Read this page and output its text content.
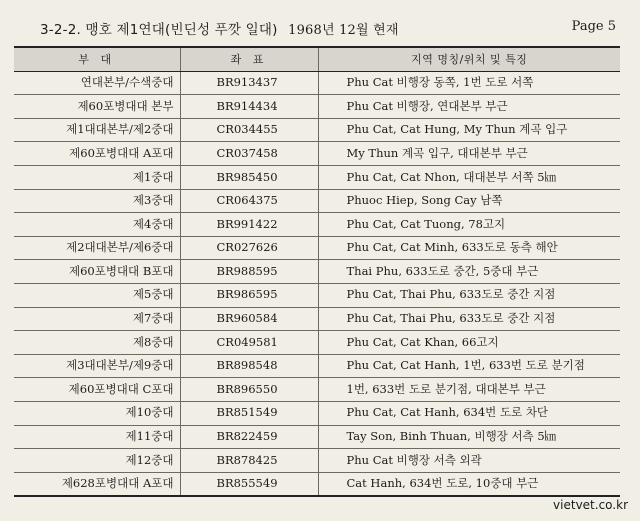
3-2-2. 맹호 제1연대(빈딘성 푸깟 일대) 1968년 12월 현재	Page 5
부 대	좌 표	지역 명칭/위치 및 특징
연대본부/수색중대	BR913437	Phu Cat 비행장 동쪽, 1번 도로 서쪽
제60포병대대 본부	BR914434	Phu Cat 비행장, 연대본부 부근
제1대대본부/제2중대	CR034455	Phu Cat, Cat Hung, My Thun 계곡 입구
제60포병대대 A포대	CR037458	My Thun 계곡 입구, 대대본부 부근
제1중대	BR985450	Phu Cat, Cat Nhon, 대대본부 서쪽 5㎞
제3중대	CR064375	Phuoc Hiep, Song Cay 남쪽
제4중대	BR991422	Phu Cat, Cat Tuong, 78고지
제2대대본부/제6중대	CR027626	Phu Cat, Cat Minh, 633도로 동측 해안
제60포병대대 B포대	BR988595	Thai Phu, 633도로 중간, 5중대 부근
제5중대	BR986595	Phu Cat, Thai Phu, 633도로 중간 지점
제7중대	BR960584	Phu Cat, Thai Phu, 633도로 중간 지점
제8중대	CR049581	Phu Cat, Cat Khan, 66고지
제3대대본부/제9중대	BR898548	Phu Cat, Cat Hanh, 1번, 633번 도로 분기점
제60포병대대 C포대	BR896550	1번, 633번 도로 분기점, 대대본부 부근
제10중대	BR851549	Phu Cat, Cat Hanh, 634번 도로 차단
제11중대	BR822459	Tay Son, Binh Thuan, 비행장 서측 5㎞
제12중대	BR878425	Phu Cat 비행장 서측 외곽
제628포병대대 A포대	BR855549	Cat Hanh, 634번 도로, 10중대 부근
vietvet.co.kr
